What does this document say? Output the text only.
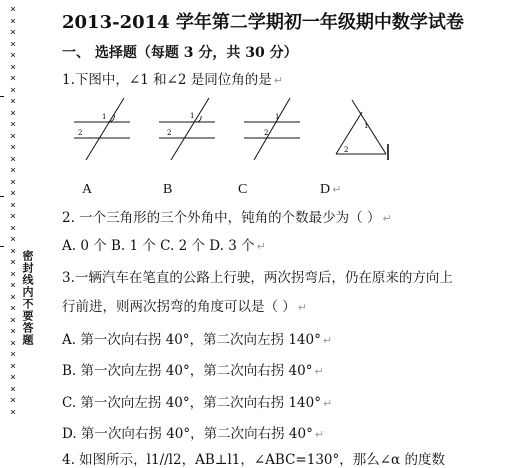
××××××××××××××××××××××××××××××××××××
密封线内不要答题
2013-2014 学年第二学期初一年级期中数学试卷
一、 选择题（每题 3 分，共 30 分）
1.下图中，∠1 和∠2 是同位角的是 ↵
1
2
1
2
1
2
1
2
A	B	C	D ↵
2. 一个三角形的三个外角中，钝角的个数最少为（ ） ↵
A. 0 个 B. 1 个 C. 2 个 D. 3 个 ↵
3.一辆汽车在笔直的公路上行驶，两次拐弯后，仍在原来的方向上
行前进，则两次拐弯的角度可以是（ ） ↵
A. 第一次向右拐 40°，第二次向左拐 140° ↵
B. 第一次向左拐 40°，第二次向右拐 40° ↵
C. 第一次向左拐 40°，第二次向右拐 140° ↵
D. 第一次向右拐 40°，第二次向右拐 40° ↵
4. 如图所示，l1//l2，AB⊥l1，∠ABC=130°，那么∠α 的度数
